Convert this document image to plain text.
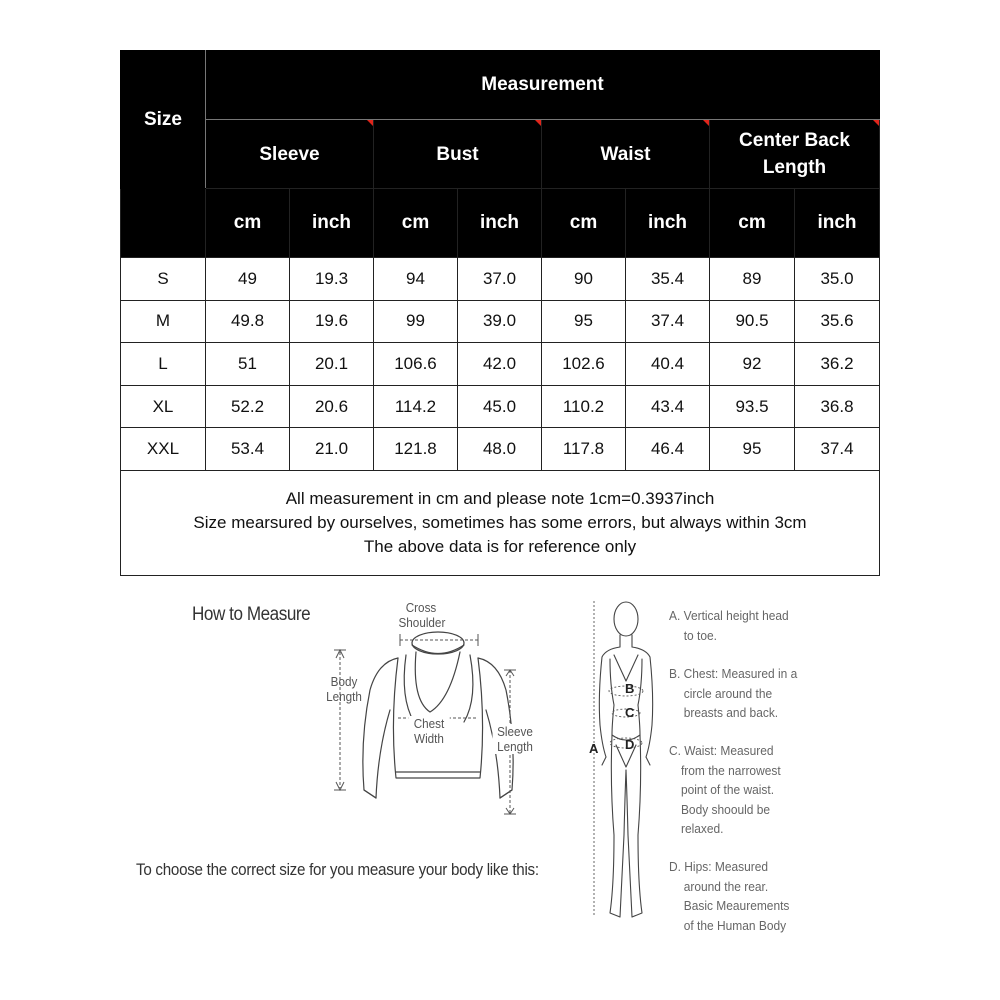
Size	Measurement							
	Sleeve		Bust		Waist		Center Back Length	

	cm	inch	cm	inch	cm	inch	cm	inch
S	49	19.3	94	37.0	90	35.4	89	35.0
M	49.8	19.6	99	39.0	95	37.4	90.5	35.6
L	51	20.1	106.6	42.0	102.6	40.4	92	36.2
XL	52.2	20.6	114.2	45.0	110.2	43.4	93.5	36.8
XXL	53.4	21.0	121.8	48.0	117.8	46.4	95	37.4

All measurement in cm and please note 1cm=0.3937inch
Size mearsured by ourselves, sometimes has some errors, but always within 3cm
The above data is for reference only								
How to Measure	Cross
Shoulder
Body
Length
Chest
Width	Sleeve
Length
To choose the correct size for you measure your body like this:
A
B
C
D
A. Vertical height head
to toe.
B. Chest: Measured in a
circle around the
breasts and back.
C. Waist: Measured
from the narrowest
point of the waist.
Body shoould be
relaxed.
D. Hips: Measured
around the rear.
Basic Meaurements
of the Human Body
